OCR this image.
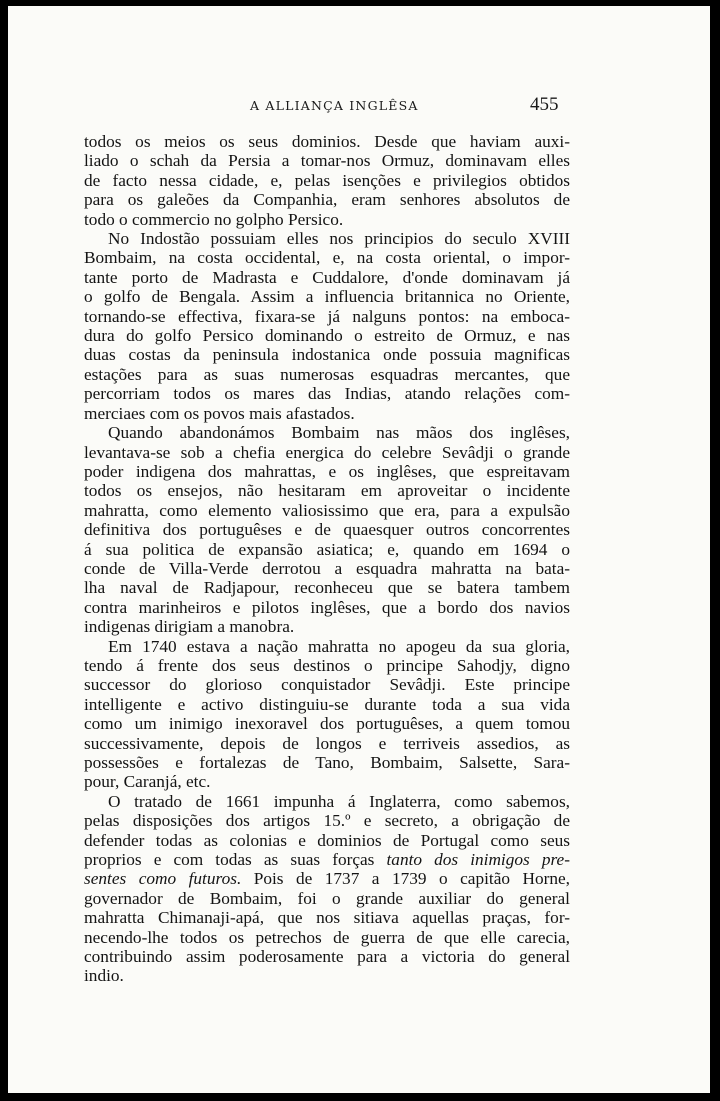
A ALLIANÇA INGLÊSA	455
todos os meios os seus dominios. Desde que haviam auxi-
liado o schah da Persia a tomar-nos Ormuz, dominavam elles
de facto nessa cidade, e, pelas isenções e privilegios obtidos
para os galeões da Companhia, eram senhores absolutos de
todo o commercio no golpho Persico.
No Indostão possuiam elles nos principios do seculo XVIII
Bombaim, na costa occidental, e, na costa oriental, o impor-
tante porto de Madrasta e Cuddalore, d'onde dominavam já
o golfo de Bengala. Assim a influencia britannica no Oriente,
tornando-se effectiva, fixara-se já nalguns pontos: na emboca-
dura do golfo Persico dominando o estreito de Ormuz, e nas
duas costas da peninsula indostanica onde possuia magnificas
estações para as suas numerosas esquadras mercantes, que
percorriam todos os mares das Indias, atando relações com-
merciaes com os povos mais afastados.
Quando abandonámos Bombaim nas mãos dos inglêses,
levantava-se sob a chefia energica do celebre Sevâdji o grande
poder indigena dos mahrattas, e os inglêses, que espreitavam
todos os ensejos, não hesitaram em aproveitar o incidente
mahratta, como elemento valiosissimo que era, para a expulsão
definitiva dos portuguêses e de quaesquer outros concorrentes
á sua politica de expansão asiatica; e, quando em 1694 o
conde de Villa-Verde derrotou a esquadra mahratta na bata-
lha naval de Radjapour, reconheceu que se batera tambem
contra marinheiros e pilotos inglêses, que a bordo dos navios
indigenas dirigiam a manobra.
Em 1740 estava a nação mahratta no apogeu da sua gloria,
tendo á frente dos seus destinos o principe Sahodjy, digno
successor do glorioso conquistador Sevâdji. Este principe
intelligente e activo distinguiu-se durante toda a sua vida
como um inimigo inexoravel dos portuguêses, a quem tomou
successivamente, depois de longos e terriveis assedios, as
possessões e fortalezas de Tano, Bombaim, Salsette, Sara-
pour, Caranjá, etc.
O tratado de 1661 impunha á Inglaterra, como sabemos,
pelas disposições dos artigos 15.º e secreto, a obrigação de
defender todas as colonias e dominios de Portugal como seus
proprios e com todas as suas forças tanto dos inimigos pre-
sentes como futuros. Pois de 1737 a 1739 o capitão Horne,
governador de Bombaim, foi o grande auxiliar do general
mahratta Chimanaji-apá, que nos sitiava aquellas praças, for-
necendo-lhe todos os petrechos de guerra de que elle carecia,
contribuindo assim poderosamente para a victoria do general
indio.
